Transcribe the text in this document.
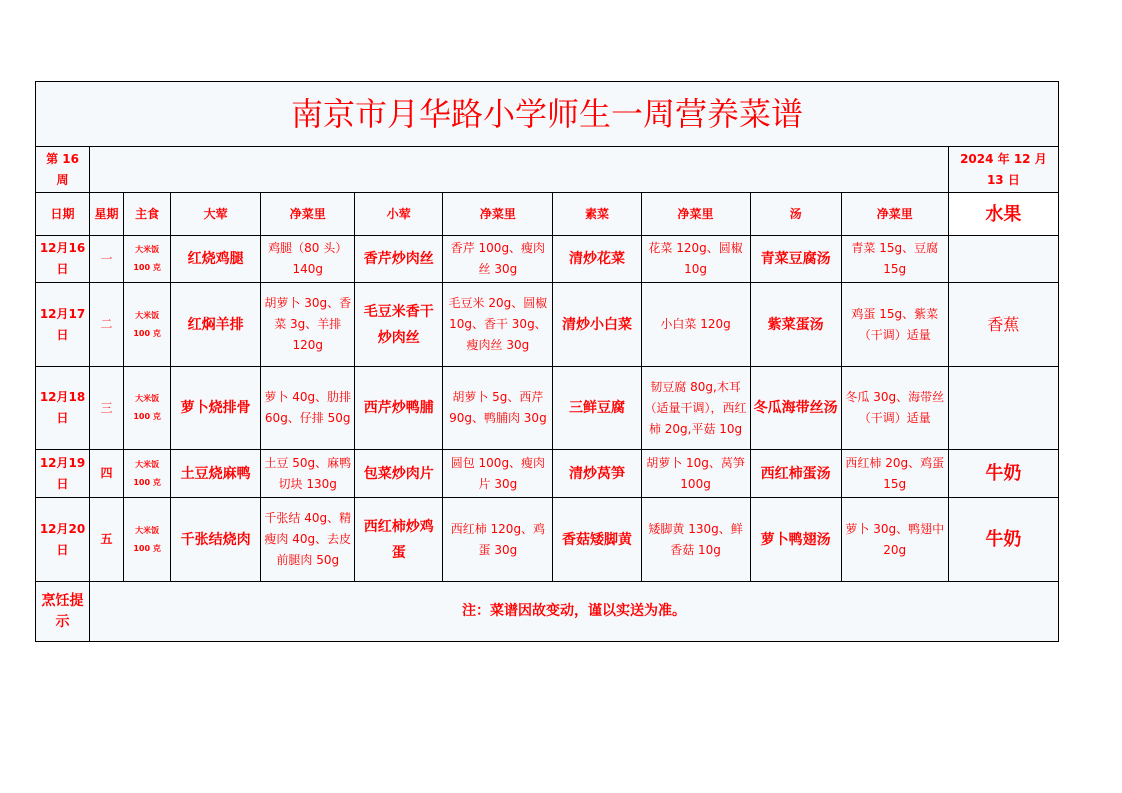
南京市月华路小学师生一周营养菜谱											
第 16 周											2024 年 12 月 13 日
日期	星期	主食	大荤	净菜里	小荤	净菜里	素菜	净菜里	汤	净菜里	水果
12月16日	一	大米饭 100 克	红烧鸡腿	鸡腿（80 头）140g	香芹炒肉丝	香芹 100g、瘦肉丝 30g	清炒花菜	花菜 120g、圆椒 10g	青菜豆腐汤	青菜 15g、豆腐 15g	
12月17日	二	大米饭 100 克	红焖羊排	胡萝卜 30g、香菜 3g、羊排 120g	毛豆米香干炒肉丝	毛豆米 20g、圆椒 10g、香干 30g、瘦肉丝 30g	清炒小白菜	小白菜 120g	紫菜蛋汤	鸡蛋 15g、紫菜（干调）适量	香蕉
12月18日	三	大米饭 100 克	萝卜烧排骨	萝卜 40g、肋排 60g、仔排 50g	西芹炒鸭脯	胡萝卜 5g、西芹 90g、鸭脯肉 30g	三鲜豆腐	韧豆腐 80g,木耳（适量干调），西红柿 20g,平菇 10g	冬瓜海带丝汤	冬瓜 30g、海带丝（干调）适量	
12月19日	四	大米饭 100 克	土豆烧麻鸭	土豆 50g、麻鸭切块 130g	包菜炒肉片	圆包 100g、瘦肉片 30g	清炒莴笋	胡萝卜 10g、莴笋 100g	西红柿蛋汤	西红柿 20g、鸡蛋 15g	牛奶
12月20日	五	大米饭 100 克	千张结烧肉	千张结 40g、精瘦肉 40g、去皮前腿肉 50g	西红柿炒鸡蛋	西红柿 120g、鸡蛋 30g	香菇矮脚黄	矮脚黄 130g、鲜香菇 10g	萝卜鸭翅汤	萝卜 30g、鸭翅中 20g	牛奶
烹饪提示	注：菜谱因故变动，谨以实送为准。										
